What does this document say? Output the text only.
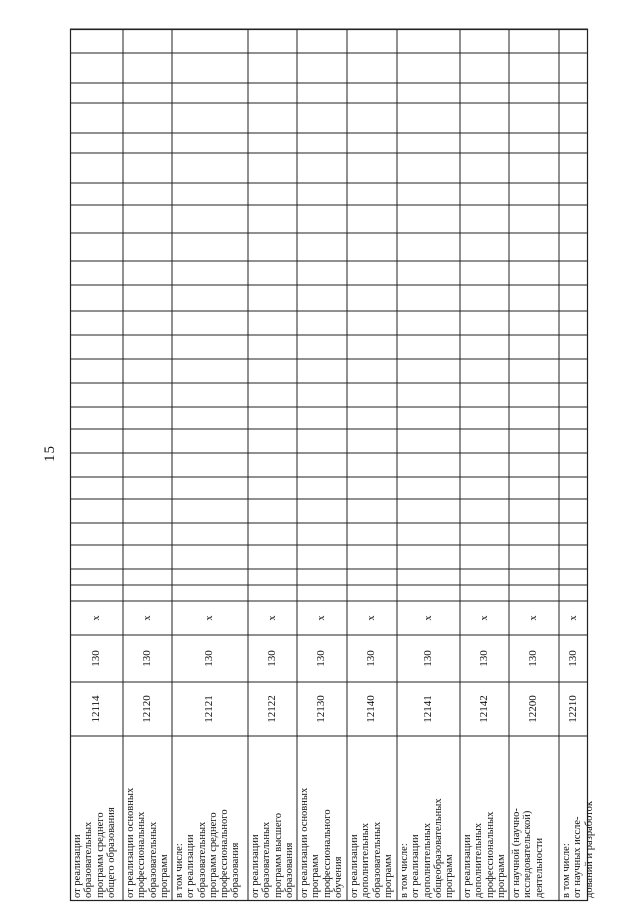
15
от реализации
образовательных
программ среднего
общего образования
12114
130
x
от реализации основных
профессиональных
образовательных
программ
12120
130
x
в том числе:
от реализации
образовательных
программ среднего
профессионального
образования
12121
130
x
от реализации
образовательных
программ высшего
образования
12122
130
x
от реализации основных
программ
профессионального
обучения
12130
130
x
от реализации
дополнительных
образовательных
программ
12140
130
x
в том числе:
от реализации
дополнительных
общеобразовательных
программ
12141
130
x
от реализации
дополнительных
профессиональных
программ
12142
130
x
от научной (научно-
исследовательской)
деятельности
12200
130
x
в том числе:
от научных иссле-
дований и разработок
12210
130
x
